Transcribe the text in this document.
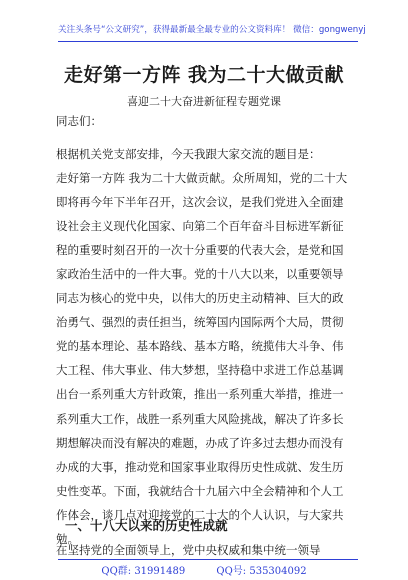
关注头条号“公文研究”，获得最新最全最专业的公文资料库！ 微信：gongwenyj
走好第一方阵 我为二十大做贡献
喜迎二十大奋进新征程专题党课
同志们：
根据机关党支部安排，今天我跟大家交流的题目是：
走好第一方阵 我为二十大做贡献。众所周知，党的二十大
即将再今年下半年召开，这次会议，是我们党进入全面建
设社会主义现代化国家、向第二个百年奋斗目标进军新征
程的重要时刻召开的一次十分重要的代表大会，是党和国
家政治生活中的一件大事。党的十八大以来，以重要领导
同志为核心的党中央，以伟大的历史主动精神、巨大的政
治勇气、强烈的责任担当，统筹国内国际两个大局，贯彻
党的基本理论、基本路线、基本方略，统揽伟大斗争、伟
大工程、伟大事业、伟大梦想，坚持稳中求进工作总基调
出台一系列重大方针政策，推出一系列重大举措，推进一
系列重大工作，战胜一系列重大风险挑战，解决了许多长
期想解决而没有解决的难题，办成了许多过去想办而没有
办成的大事，推动党和国家事业取得历史性成就、发生历
史性变革。下面，我就结合十九届六中全会精神和个人工
作体会，谈几点对迎接党的二十大的个人认识，与大家共
勉。
一、十八大以来的历史性成就
在坚持党的全面领导上，党中央权威和集中统一领导
QQ群: 31991489	QQ号: 535304092
